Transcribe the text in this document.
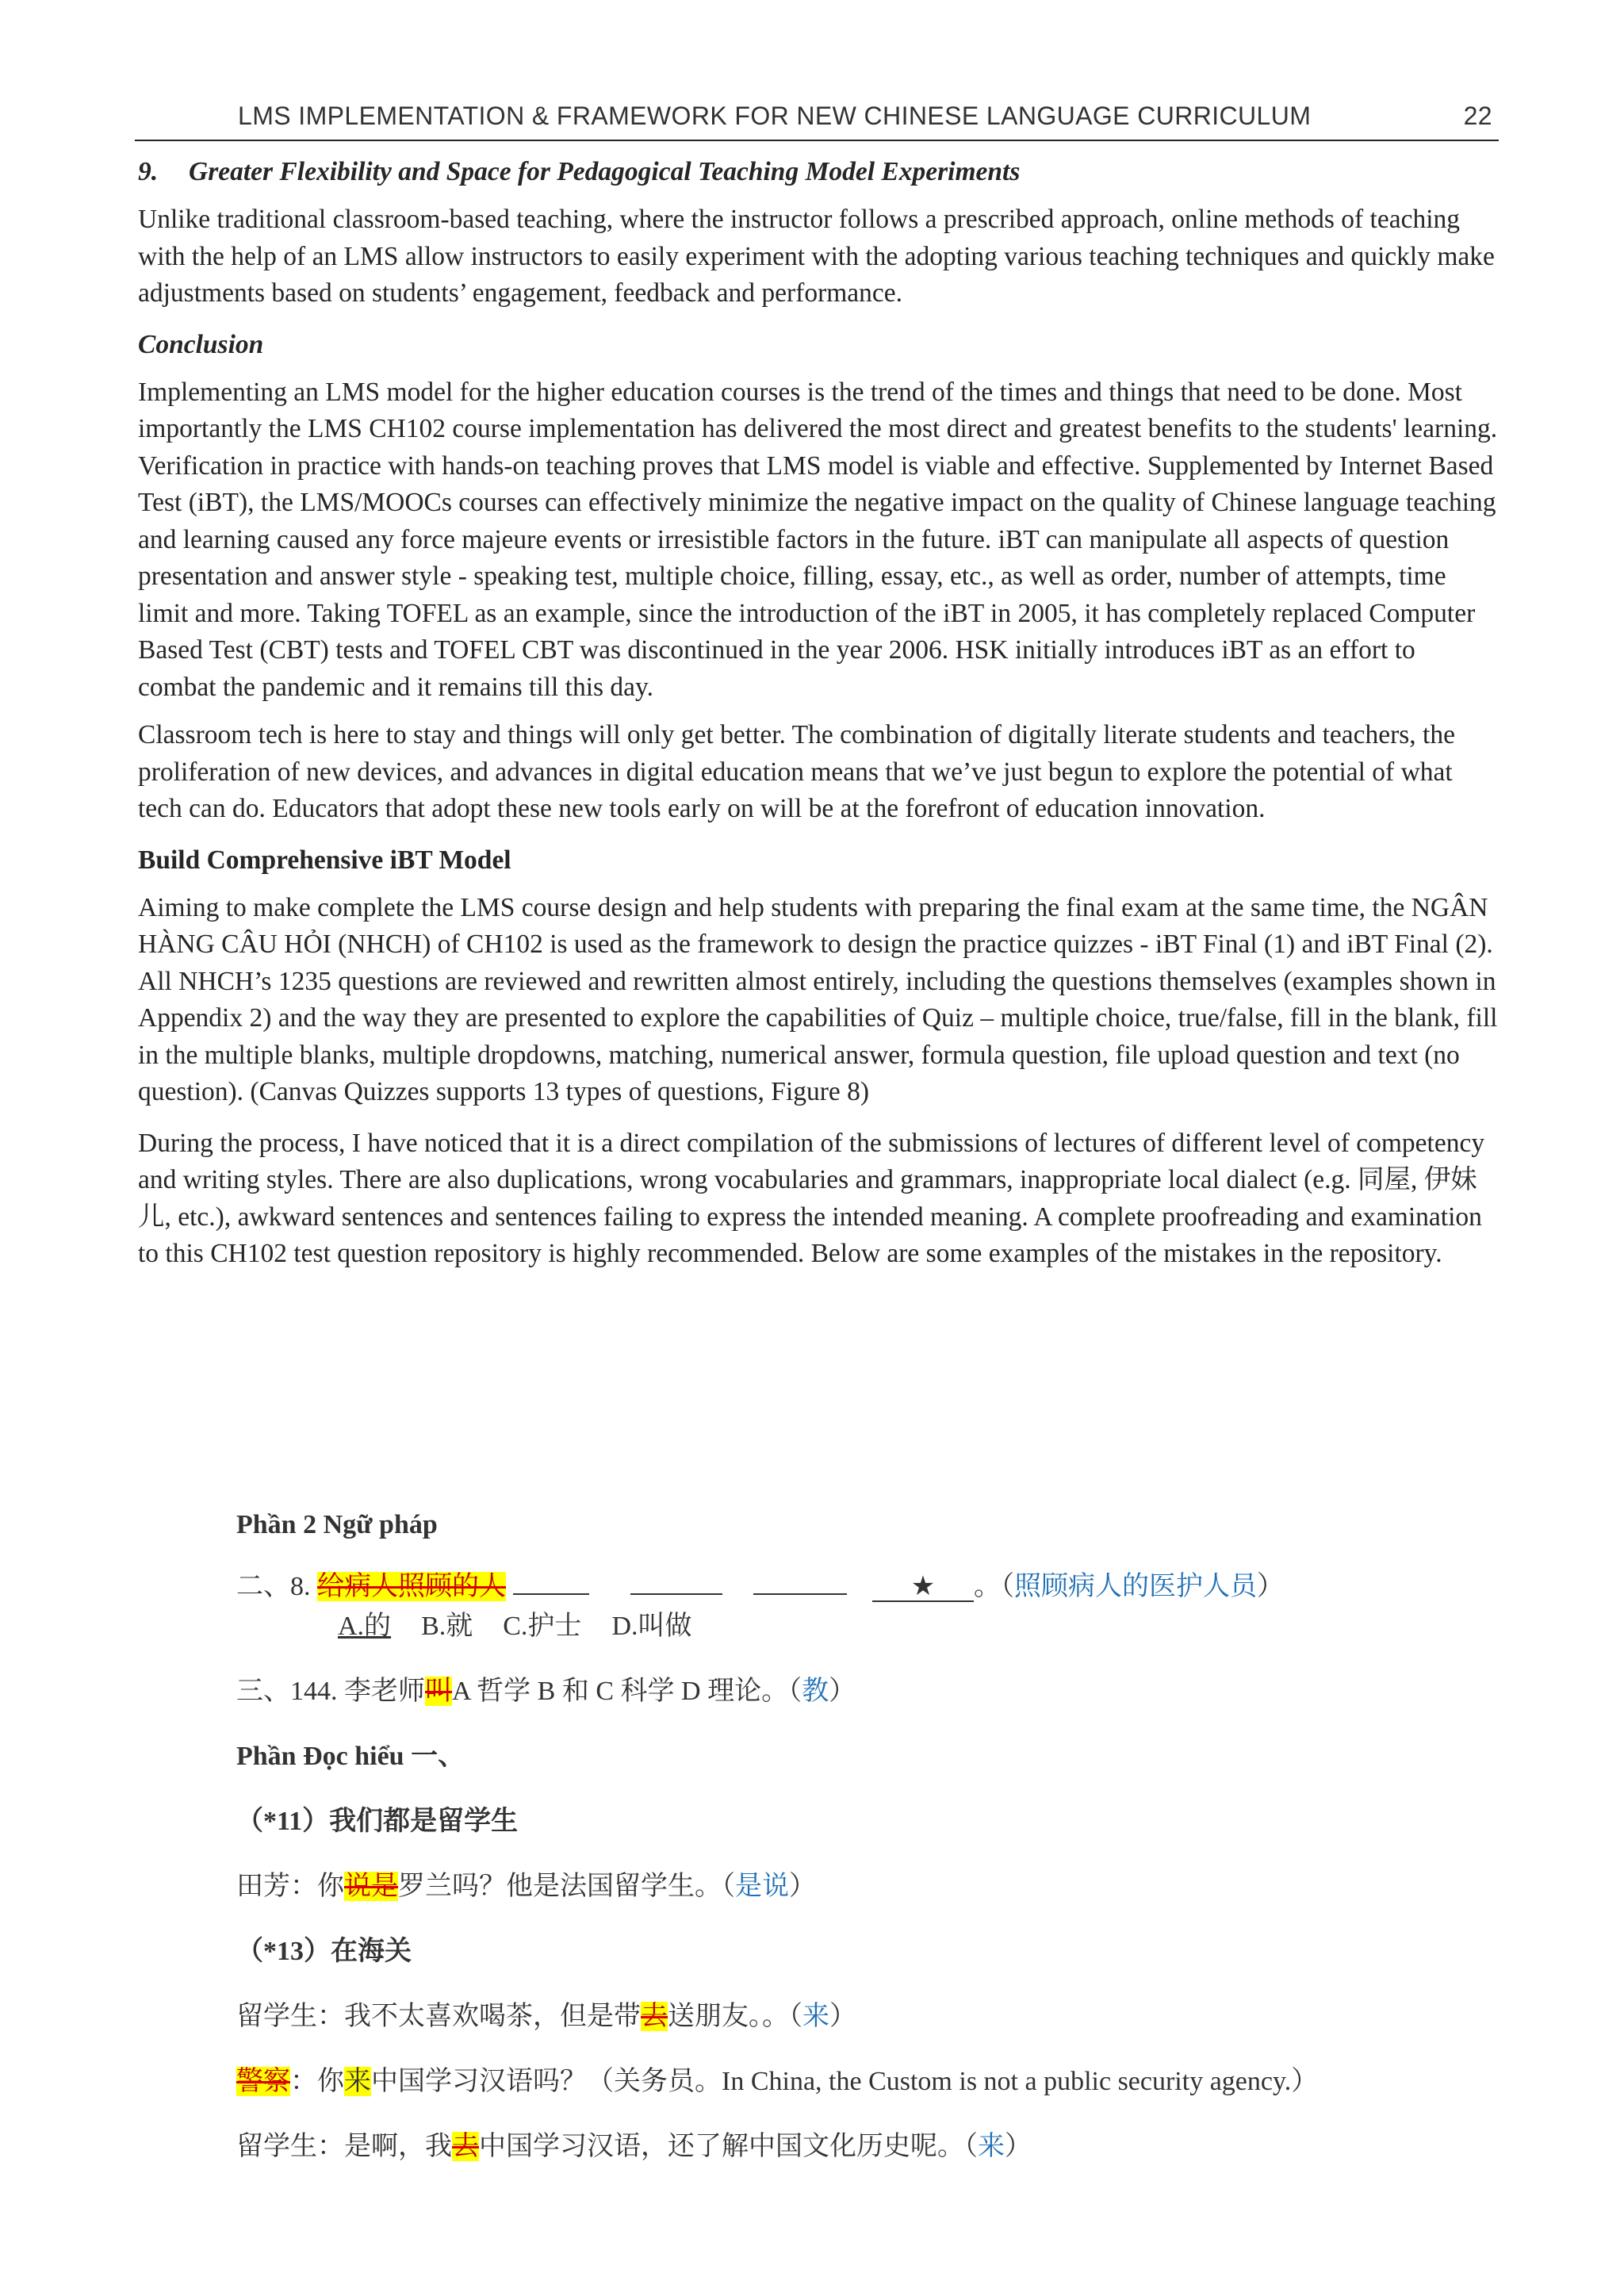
LMS IMPLEMENTATION & FRAMEWORK FOR NEW CHINESE LANGUAGE CURRICULUM	22
9. Greater Flexibility and Space for Pedagogical Teaching Model Experiments

Unlike traditional classroom-based teaching, where the instructor follows a prescribed approach, online methods of teaching with the help of an LMS allow instructors to easily experiment with the adopting various teaching techniques and quickly make adjustments based on students’ engagement, feedback and performance.

Conclusion

Implementing an LMS model for the higher education courses is the trend of the times and things that need to be done. Most importantly the LMS CH102 course implementation has delivered the most direct and greatest benefits to the students' learning. Verification in practice with hands-on teaching proves that LMS model is viable and effective. Supplemented by Internet Based Test (iBT), the LMS/MOOCs courses can effectively minimize the negative impact on the quality of Chinese language teaching and learning caused any force majeure events or irresistible factors in the future. iBT can manipulate all aspects of question presentation and answer style - speaking test, multiple choice, filling, essay, etc., as well as order, number of attempts, time limit and more. Taking TOFEL as an example, since the introduction of the iBT in 2005, it has completely replaced Computer Based Test (CBT) tests and TOFEL CBT was discontinued in the year 2006. HSK initially introduces iBT as an effort to combat the pandemic and it remains till this day.

Classroom tech is here to stay and things will only get better. The combination of digitally literate students and teachers, the proliferation of new devices, and advances in digital education means that we’ve just begun to explore the potential of what tech can do. Educators that adopt these new tools early on will be at the forefront of education innovation.

Build Comprehensive iBT Model

Aiming to make complete the LMS course design and help students with preparing the final exam at the same time, the NGÂN HÀNG CÂU HỎI (NHCH) of CH102 is used as the framework to design the practice quizzes - iBT Final (1) and iBT Final (2). All NHCH’s 1235 questions are reviewed and rewritten almost entirely, including the questions themselves (examples shown in Appendix 2) and the way they are presented to explore the capabilities of Quiz – multiple choice, true/false, fill in the blank, fill in the multiple blanks, multiple dropdowns, matching, numerical answer, formula question, file upload question and text (no question). (Canvas Quizzes supports 13 types of questions, Figure 8)

During the process, I have noticed that it is a direct compilation of the submissions of lectures of different level of competency and writing styles. There are also duplications, wrong vocabularies and grammars, inappropriate local dialect (e.g. 同屋, 伊妹儿, etc.), awkward sentences and sentences failing to express the intended meaning. A complete proofreading and examination to this CH102 test question repository is highly recommended. Below are some examples of the mistakes in the repository.

Phần 2 Ngữ pháp
二、8. 给病人照顾的人	★ 。（照顾病人的医护人员）
A.的 B.就 C.护士 D.叫做
三、144. 李老师叫A 哲学 B 和 C 科学 D 理论。（教）
Phần Đọc hiểu 一、
（*11）我们都是留学生
田芳：你说是罗兰吗？他是法国留学生。（是说）
（*13）在海关
留学生：我不太喜欢喝茶，但是带去送朋友。。（来）
警察：你来中国学习汉语吗？（关务员。In China, the Custom is not a public security agency.）
留学生：是啊，我去中国学习汉语，还了解中国文化历史呢。（来）
